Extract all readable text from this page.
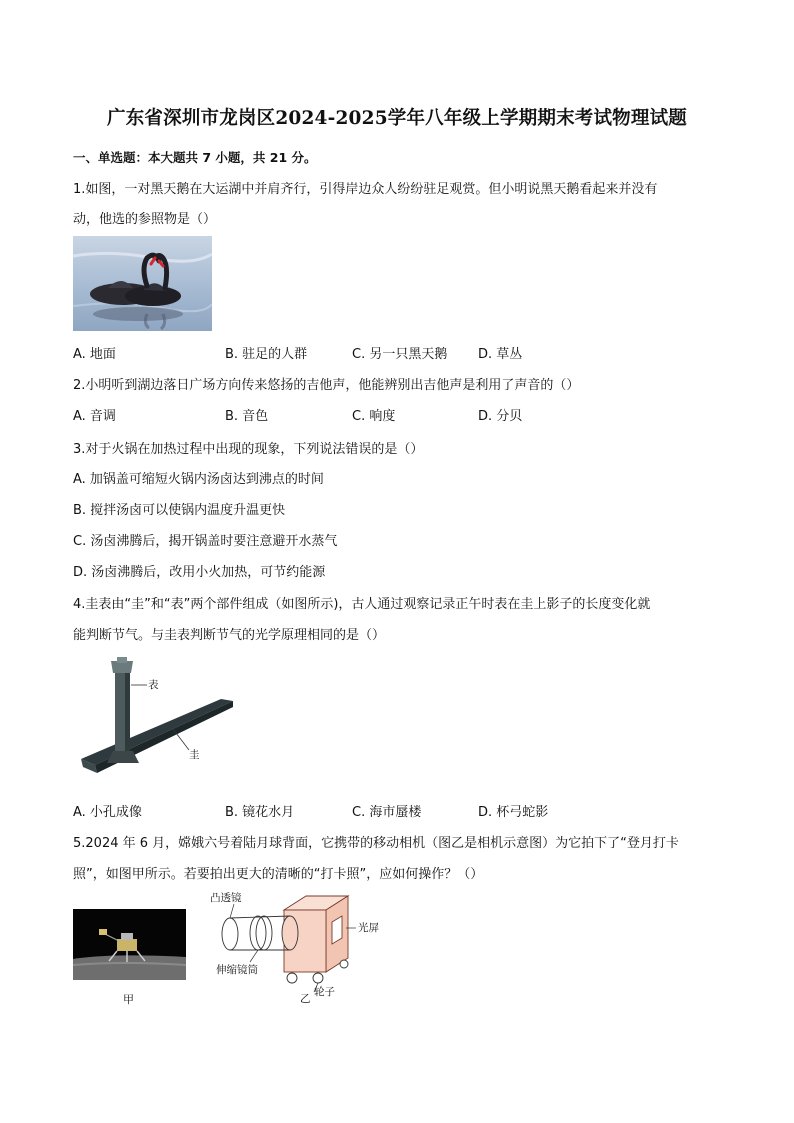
广东省深圳市龙岗区2024-2025学年八年级上学期期末考试物理试题
一、单选题：本大题共 7 小题，共 21 分。
1.如图，一对黑天鹅在大运湖中并肩齐行，引得岸边众人纷纷驻足观赏。但小明说黑天鹅看起来并没有
动，他选的参照物是（）
A. 地面	B. 驻足的人群	C. 另一只黑天鹅 D. 草丛
2.小明听到湖边落日广场方向传来悠扬的吉他声，他能辨别出吉他声是利用了声音的（）
A. 音调	B. 音色	C. 响度	D. 分贝
3.对于火锅在加热过程中出现的现象，下列说法错误的是（）
A. 加锅盖可缩短火锅内汤卤达到沸点的时间
B. 搅拌汤卤可以使锅内温度升温更快
C. 汤卤沸腾后，揭开锅盖时要注意避开水蒸气
D. 汤卤沸腾后，改用小火加热，可节约能源
4.圭表由“圭”和“表”两个部件组成（如图所示)，古人通过观察记录正午时表在圭上影子的长度变化就
能判断节气。与圭表判断节气的光学原理相同的是（）
表
圭
A. 小孔成像	B. 镜花水月	C. 海市蜃楼	D. 杯弓蛇影
5.2024 年 6 月，嫦娥六号着陆月球背面，它携带的移动相机（图乙是相机示意图）为它拍下了“登月打卡
照”，如图甲所示。若要拍出更大的清晰的“打卡照”，应如何操作？（）
甲
凸透镜
光屏
伸缩镜筒
轮子
乙
